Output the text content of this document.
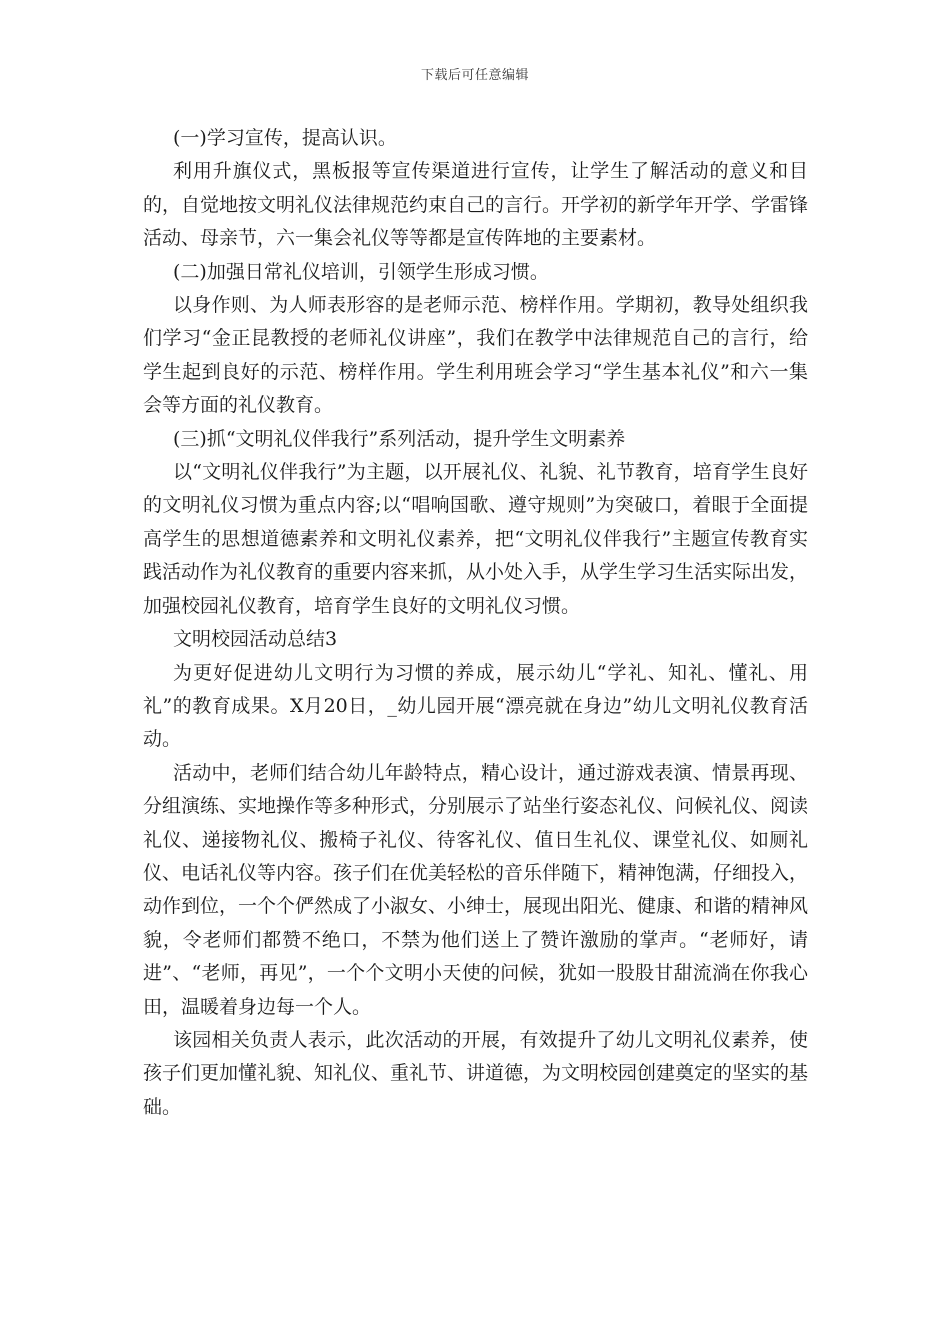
下载后可任意编辑

(一)学习宣传，提高认识。

利用升旗仪式，黑板报等宣传渠道进行宣传，让学生了解活动的意义和目的，自觉地按文明礼仪法律规范约束自己的言行。开学初的新学年开学、学雷锋活动、母亲节，六一集会礼仪等等都是宣传阵地的主要素材。

(二)加强日常礼仪培训，引领学生形成习惯。

以身作则、为人师表形容的是老师示范、榜样作用。学期初，教导处组织我们学习“金正昆教授的老师礼仪讲座”，我们在教学中法律规范自己的言行，给学生起到良好的示范、榜样作用。学生利用班会学习“学生基本礼仪”和六一集会等方面的礼仪教育。

(三)抓“文明礼仪伴我行”系列活动，提升学生文明素养

以“文明礼仪伴我行”为主题，以开展礼仪、礼貌、礼节教育，培育学生良好的文明礼仪习惯为重点内容;以“唱响国歌、遵守规则”为突破口，着眼于全面提高学生的思想道德素养和文明礼仪素养，把“文明礼仪伴我行”主题宣传教育实践活动作为礼仪教育的重要内容来抓，从小处入手，从学生学习生活实际出发，加强校园礼仪教育，培育学生良好的文明礼仪习惯。

文明校园活动总结3

为更好促进幼儿文明行为习惯的养成，展示幼儿“学礼、知礼、懂礼、用礼”的教育成果。X月20日，_幼儿园开展“漂亮就在身边”幼儿文明礼仪教育活动。

活动中，老师们结合幼儿年龄特点，精心设计，通过游戏表演、情景再现、分组演练、实地操作等多种形式，分别展示了站坐行姿态礼仪、问候礼仪、阅读礼仪、递接物礼仪、搬椅子礼仪、待客礼仪、值日生礼仪、课堂礼仪、如厕礼仪、电话礼仪等内容。孩子们在优美轻松的音乐伴随下，精神饱满，仔细投入，动作到位，一个个俨然成了小淑女、小绅士，展现出阳光、健康、和谐的精神风貌，令老师们都赞不绝口，不禁为他们送上了赞许激励的掌声。“老师好，请进”、“老师，再见”，一个个文明小天使的问候，犹如一股股甘甜流淌在你我心田，温暖着身边每一个人。

该园相关负责人表示，此次活动的开展，有效提升了幼儿文明礼仪素养，使孩子们更加懂礼貌、知礼仪、重礼节、讲道德，为文明校园创建奠定的坚实的基础。
